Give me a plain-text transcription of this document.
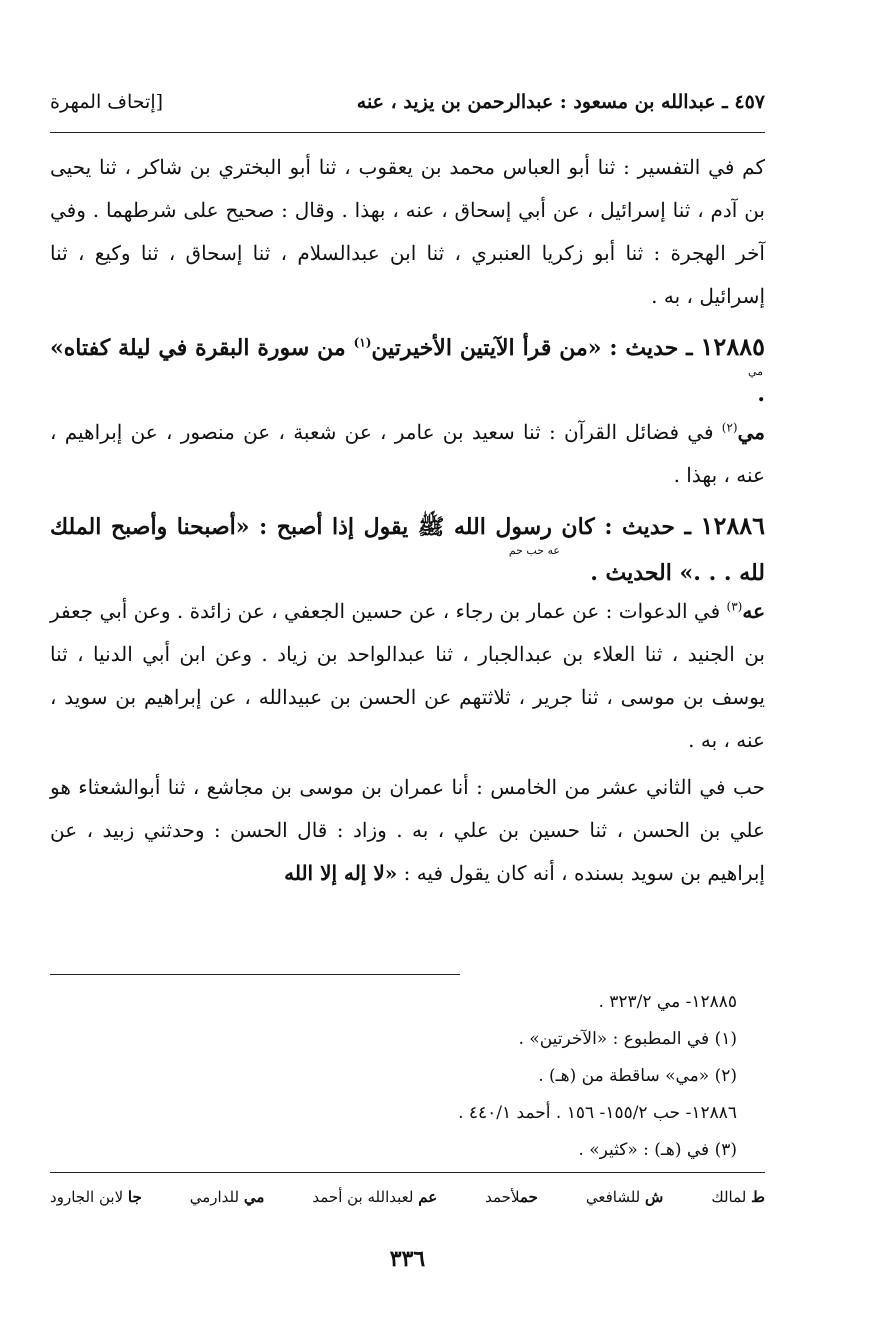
٤٥٧ ـ عبدالله بن مسعود : عبدالرحمن بن يزيد ، عنه
[إتحاف المهرة

كم في التفسير : ثنا أبو العباس محمد بن يعقوب ، ثنا أبو البختري بن شاكر ، ثنا يحيى بن آدم ، ثنا إسرائيل ، عن أبي إسحاق ، عنه ، بهذا . وقال : صحيح على شرطهما . وفي آخر الهجرة : ثنا أبو زكريا العنبري ، ثنا ابن عبدالسلام ، ثنا إسحاق ، ثنا وكيع ، ثنا إسرائيل ، به .

١٢٨٨٥ ـ حديث : «من قرأ الآيتين الأخيرتين$^{(١)}$ من سورة البقرة في ليلة كفتاه» .

مي

مي$^{(٢)}$ في فضائل القرآن : ثنا سعيد بن عامر ، عن شعبة ، عن منصور ، عن إبراهيم ، عنه ، بهذا .

١٢٨٨٦ ـ حديث : كان رسول الله ﷺ يقول إذا أصبح : «أصبحنا وأصبح الملك لله . . .» الحديث .

عه حب حم

عه$^{(٣)}$ في الدعوات : عن عمار بن رجاء ، عن حسين الجعفي ، عن زائدة . وعن أبي جعفر بن الجنيد ، ثنا العلاء بن عبدالجبار ، ثنا عبدالواحد بن زياد . وعن ابن أبي الدنيا ، ثنا يوسف بن موسى ، ثنا جرير ، ثلاثتهم عن الحسن بن عبيدالله ، عن إبراهيم بن سويد ، عنه ، به .

حب في الثاني عشر من الخامس : أنا عمران بن موسى بن مجاشع ، ثنا أبوالشعثاء هو علي بن الحسن ، ثنا حسين بن علي ، به . وزاد : قال الحسن : وحدثني زبيد ، عن إبراهيم بن سويد بسنده ، أنه كان يقول فيه : «لا إله إلا الله

١٢٨٨٥- مي ٣٢٣/٢ .
(١) في المطبوع : «الآخرتين» .
(٢) «مي» ساقطة من (هـ) .
١٢٨٨٦- حب ١٥٥/٢- ١٥٦ . أحمد ٤٤٠/١ .
(٣) في (هـ) : «كثير» .
ط لمالك
ش للشافعي
حملأحمد
عم لعبدالله بن أحمد
مي للدارمي
جا لابن الجارود
٣٣٦
